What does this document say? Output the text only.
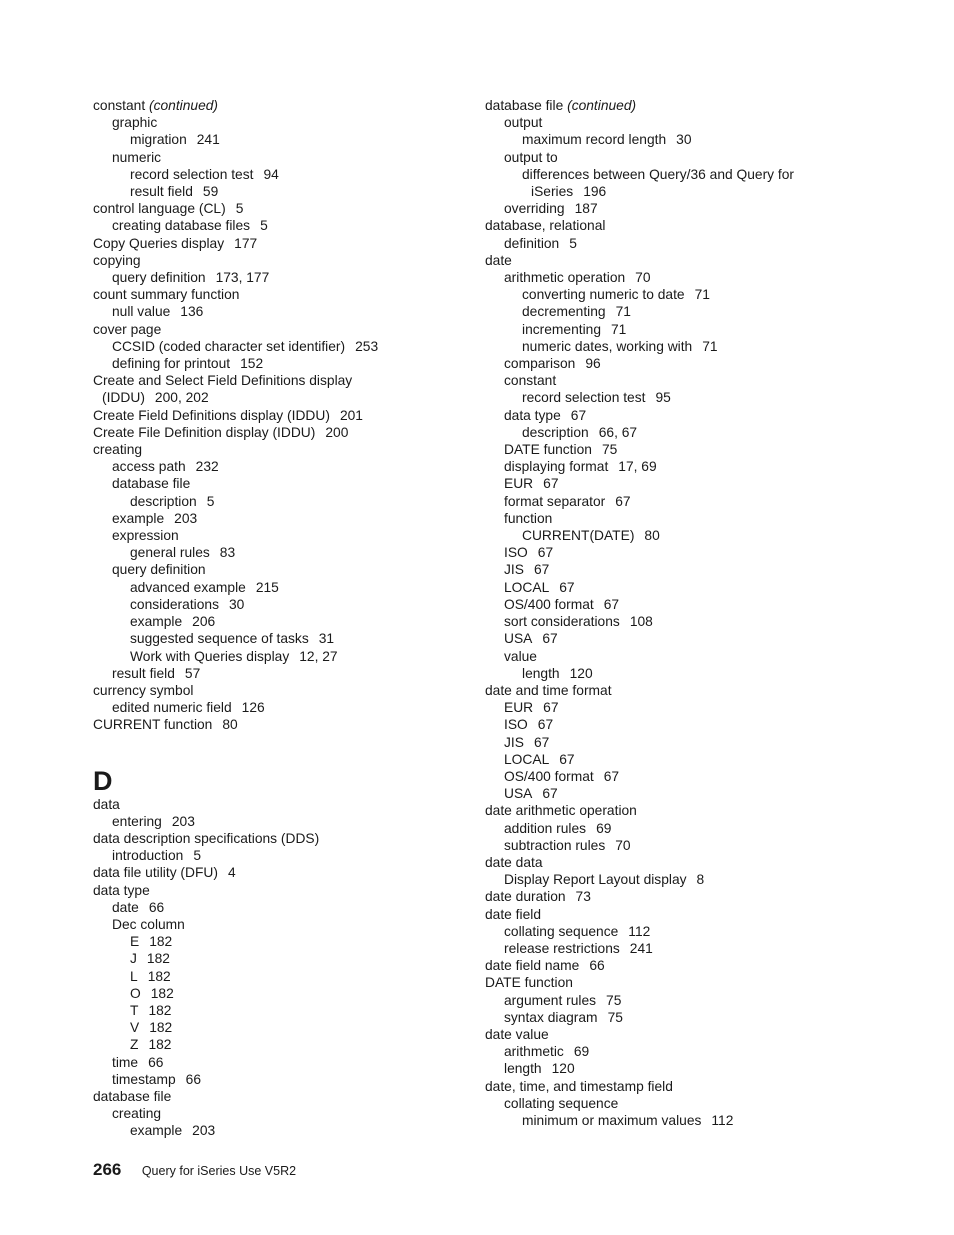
constant (continued)
graphic
migration 241
numeric
record selection test 94
result field 59
control language (CL) 5
creating database files 5
Copy Queries display 177
copying
query definition 173, 177
count summary function
null value 136
cover page
CCSID (coded character set identifier) 253
defining for printout 152
Create and Select Field Definitions display
(IDDU) 200, 202
Create Field Definitions display (IDDU) 201
Create File Definition display (IDDU) 200
creating
access path 232
database file
description 5
example 203
expression
general rules 83
query definition
advanced example 215
considerations 30
example 206
suggested sequence of tasks 31
Work with Queries display 12, 27
result field 57
currency symbol
edited numeric field 126
CURRENT function 80
D
data
entering 203
data description specifications (DDS)
introduction 5
data file utility (DFU) 4
data type
date 66
Dec column
E 182
J 182
L 182
O 182
T 182
V 182
Z 182
time 66
timestamp 66
database file
creating
example 203
database file (continued)
output
maximum record length 30
output to
differences between Query/36 and Query for
iSeries 196
overriding 187
database, relational
definition 5
date
arithmetic operation 70
converting numeric to date 71
decrementing 71
incrementing 71
numeric dates, working with 71
comparison 96
constant
record selection test 95
data type 67
description 66, 67
DATE function 75
displaying format 17, 69
EUR 67
format separator 67
function
CURRENT(DATE) 80
ISO 67
JIS 67
LOCAL 67
OS/400 format 67
sort considerations 108
USA 67
value
length 120
date and time format
EUR 67
ISO 67
JIS 67
LOCAL 67
OS/400 format 67
USA 67
date arithmetic operation
addition rules 69
subtraction rules 70
date data
Display Report Layout display 8
date duration 73
date field
collating sequence 112
release restrictions 241
date field name 66
DATE function
argument rules 75
syntax diagram 75
date value
arithmetic 69
length 120
date, time, and timestamp field
collating sequence
minimum or maximum values 112
266 Query for iSeries Use V5R2
